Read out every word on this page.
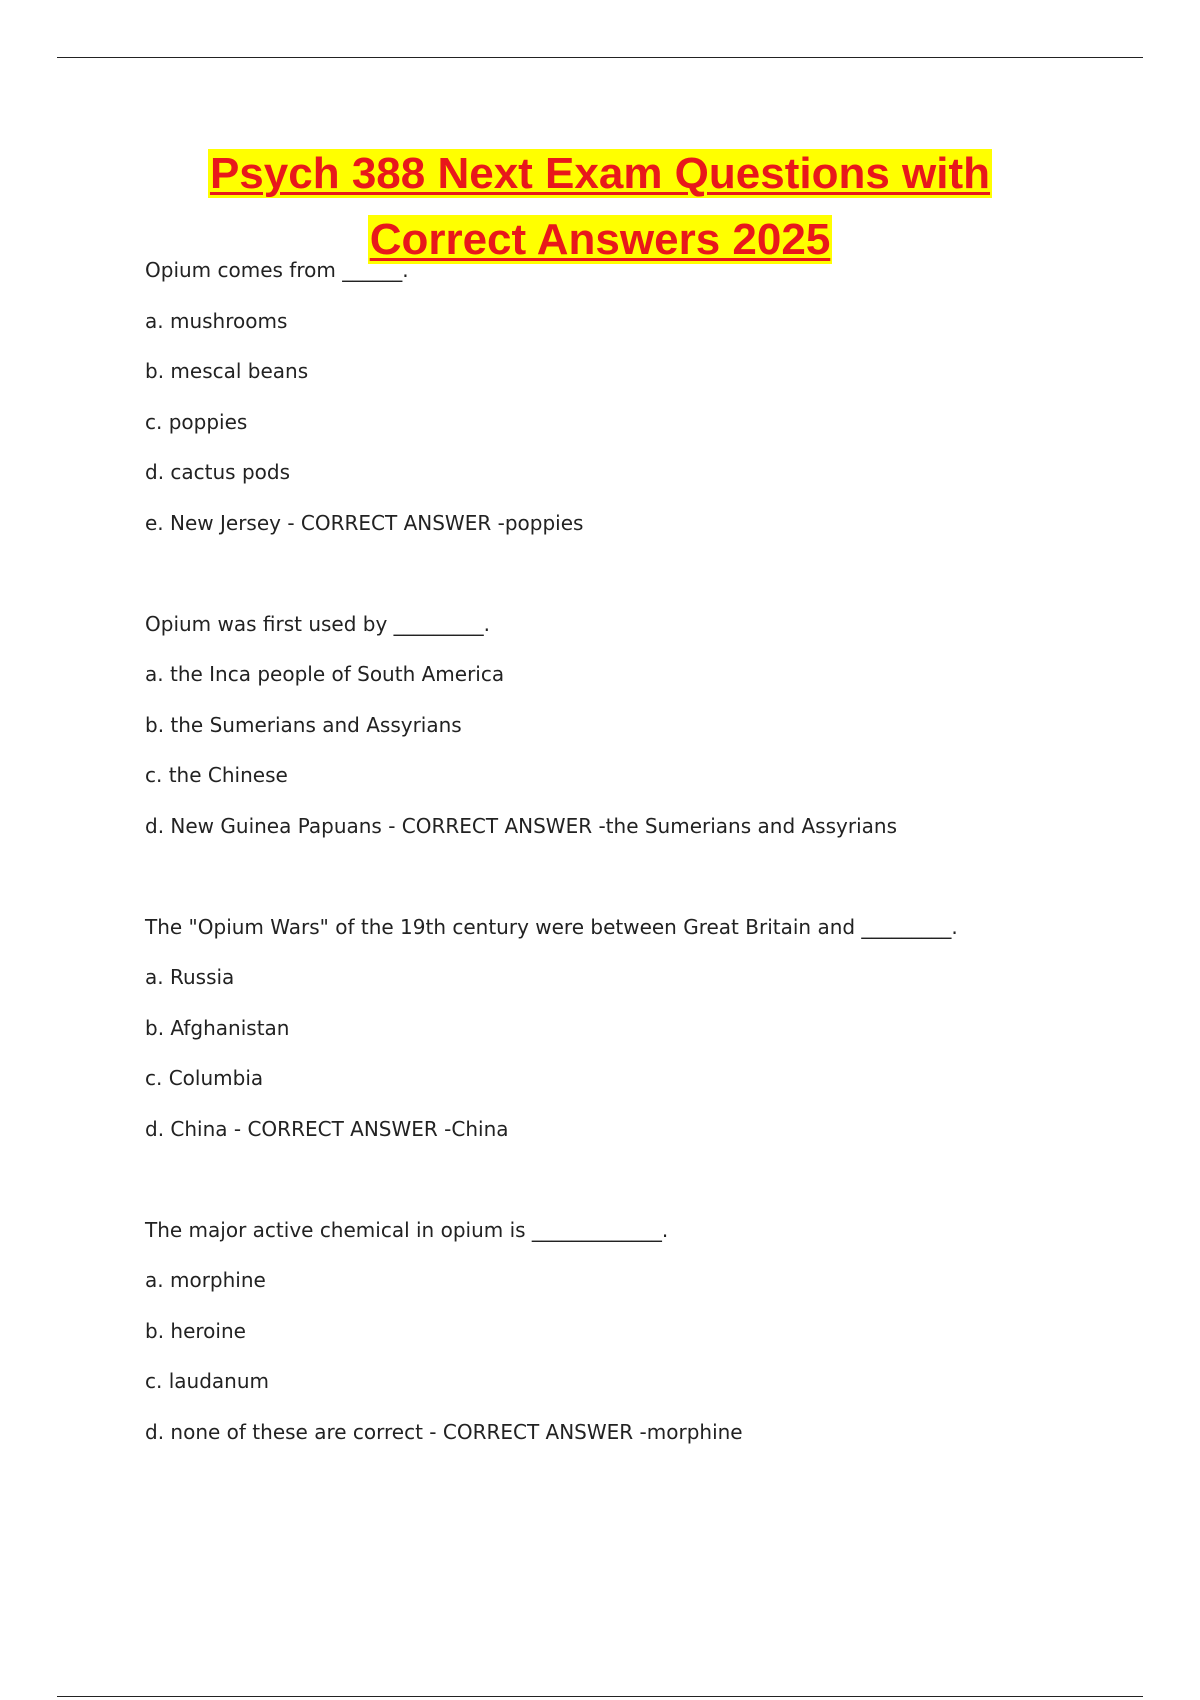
Psych 388 Next Exam Questions with
Correct Answers 2025
Opium comes from ______.
a. mushrooms
b. mescal beans
c. poppies
d. cactus pods
e. New Jersey - CORRECT ANSWER -poppies
Opium was first used by _________.
a. the Inca people of South America
b. the Sumerians and Assyrians
c. the Chinese
d. New Guinea Papuans - CORRECT ANSWER -the Sumerians and Assyrians
The "Opium Wars" of the 19th century were between Great Britain and _________.
a. Russia
b. Afghanistan
c. Columbia
d. China - CORRECT ANSWER -China
The major active chemical in opium is _____________.
a. morphine
b. heroine
c. laudanum
d. none of these are correct - CORRECT ANSWER -morphine
